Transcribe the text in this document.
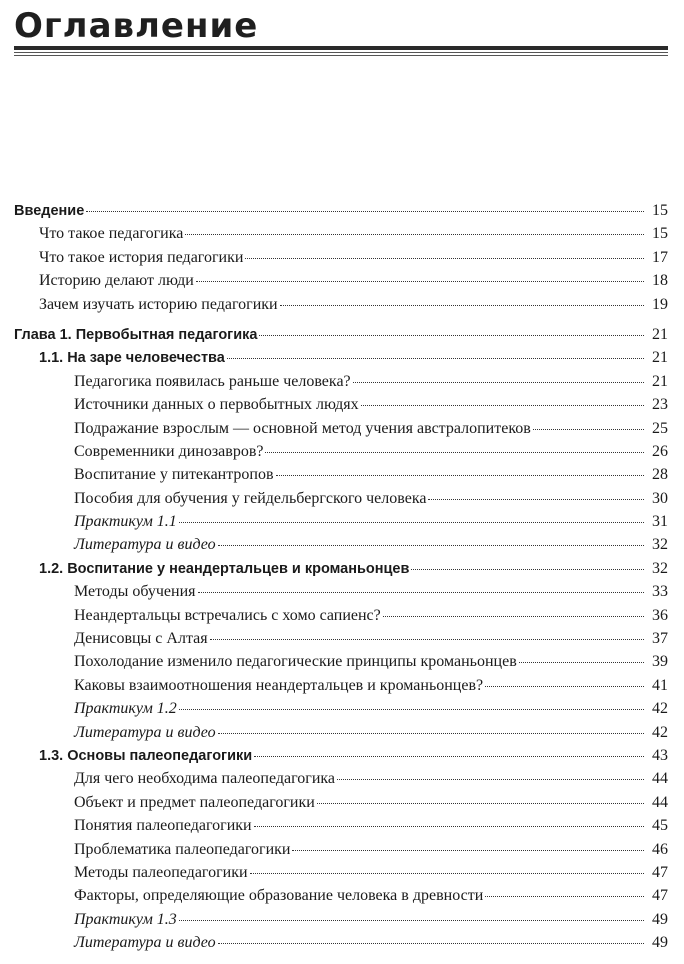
Оглавление
Введение	15
Что такое педагогика	15
Что такое история педагогики	17
Историю делают люди	18
Зачем изучать историю педагогики	19
Глава 1. Первобытная педагогика	21
1.1. На заре человечества	21
Педагогика появилась раньше человека?	21
Источники данных о первобытных людях	23
Подражание взрослым — основной метод учения австралопитеков	25
Современники динозавров?	26
Воспитание у питекантропов	28
Пособия для обучения у гейдельбергского человека	30
Практикум 1.1	31
Литература и видео	32
1.2. Воспитание у неандертальцев и кроманьонцев	32
Методы обучения	33
Неандертальцы встречались с хомо сапиенс?	36
Денисовцы с Алтая	37
Похолодание изменило педагогические принципы кроманьонцев	39
Каковы взаимоотношения неандертальцев и кроманьонцев?	41
Практикум 1.2	42
Литература и видео	42
1.3. Основы палеопедагогики	43
Для чего необходима палеопедагогика	44
Объект и предмет палеопедагогики	44
Понятия палеопедагогики	45
Проблематика палеопедагогики	46
Методы палеопедагогики	47
Факторы, определяющие образование человека в древности	47
Практикум 1.3	49
Литература и видео	49
